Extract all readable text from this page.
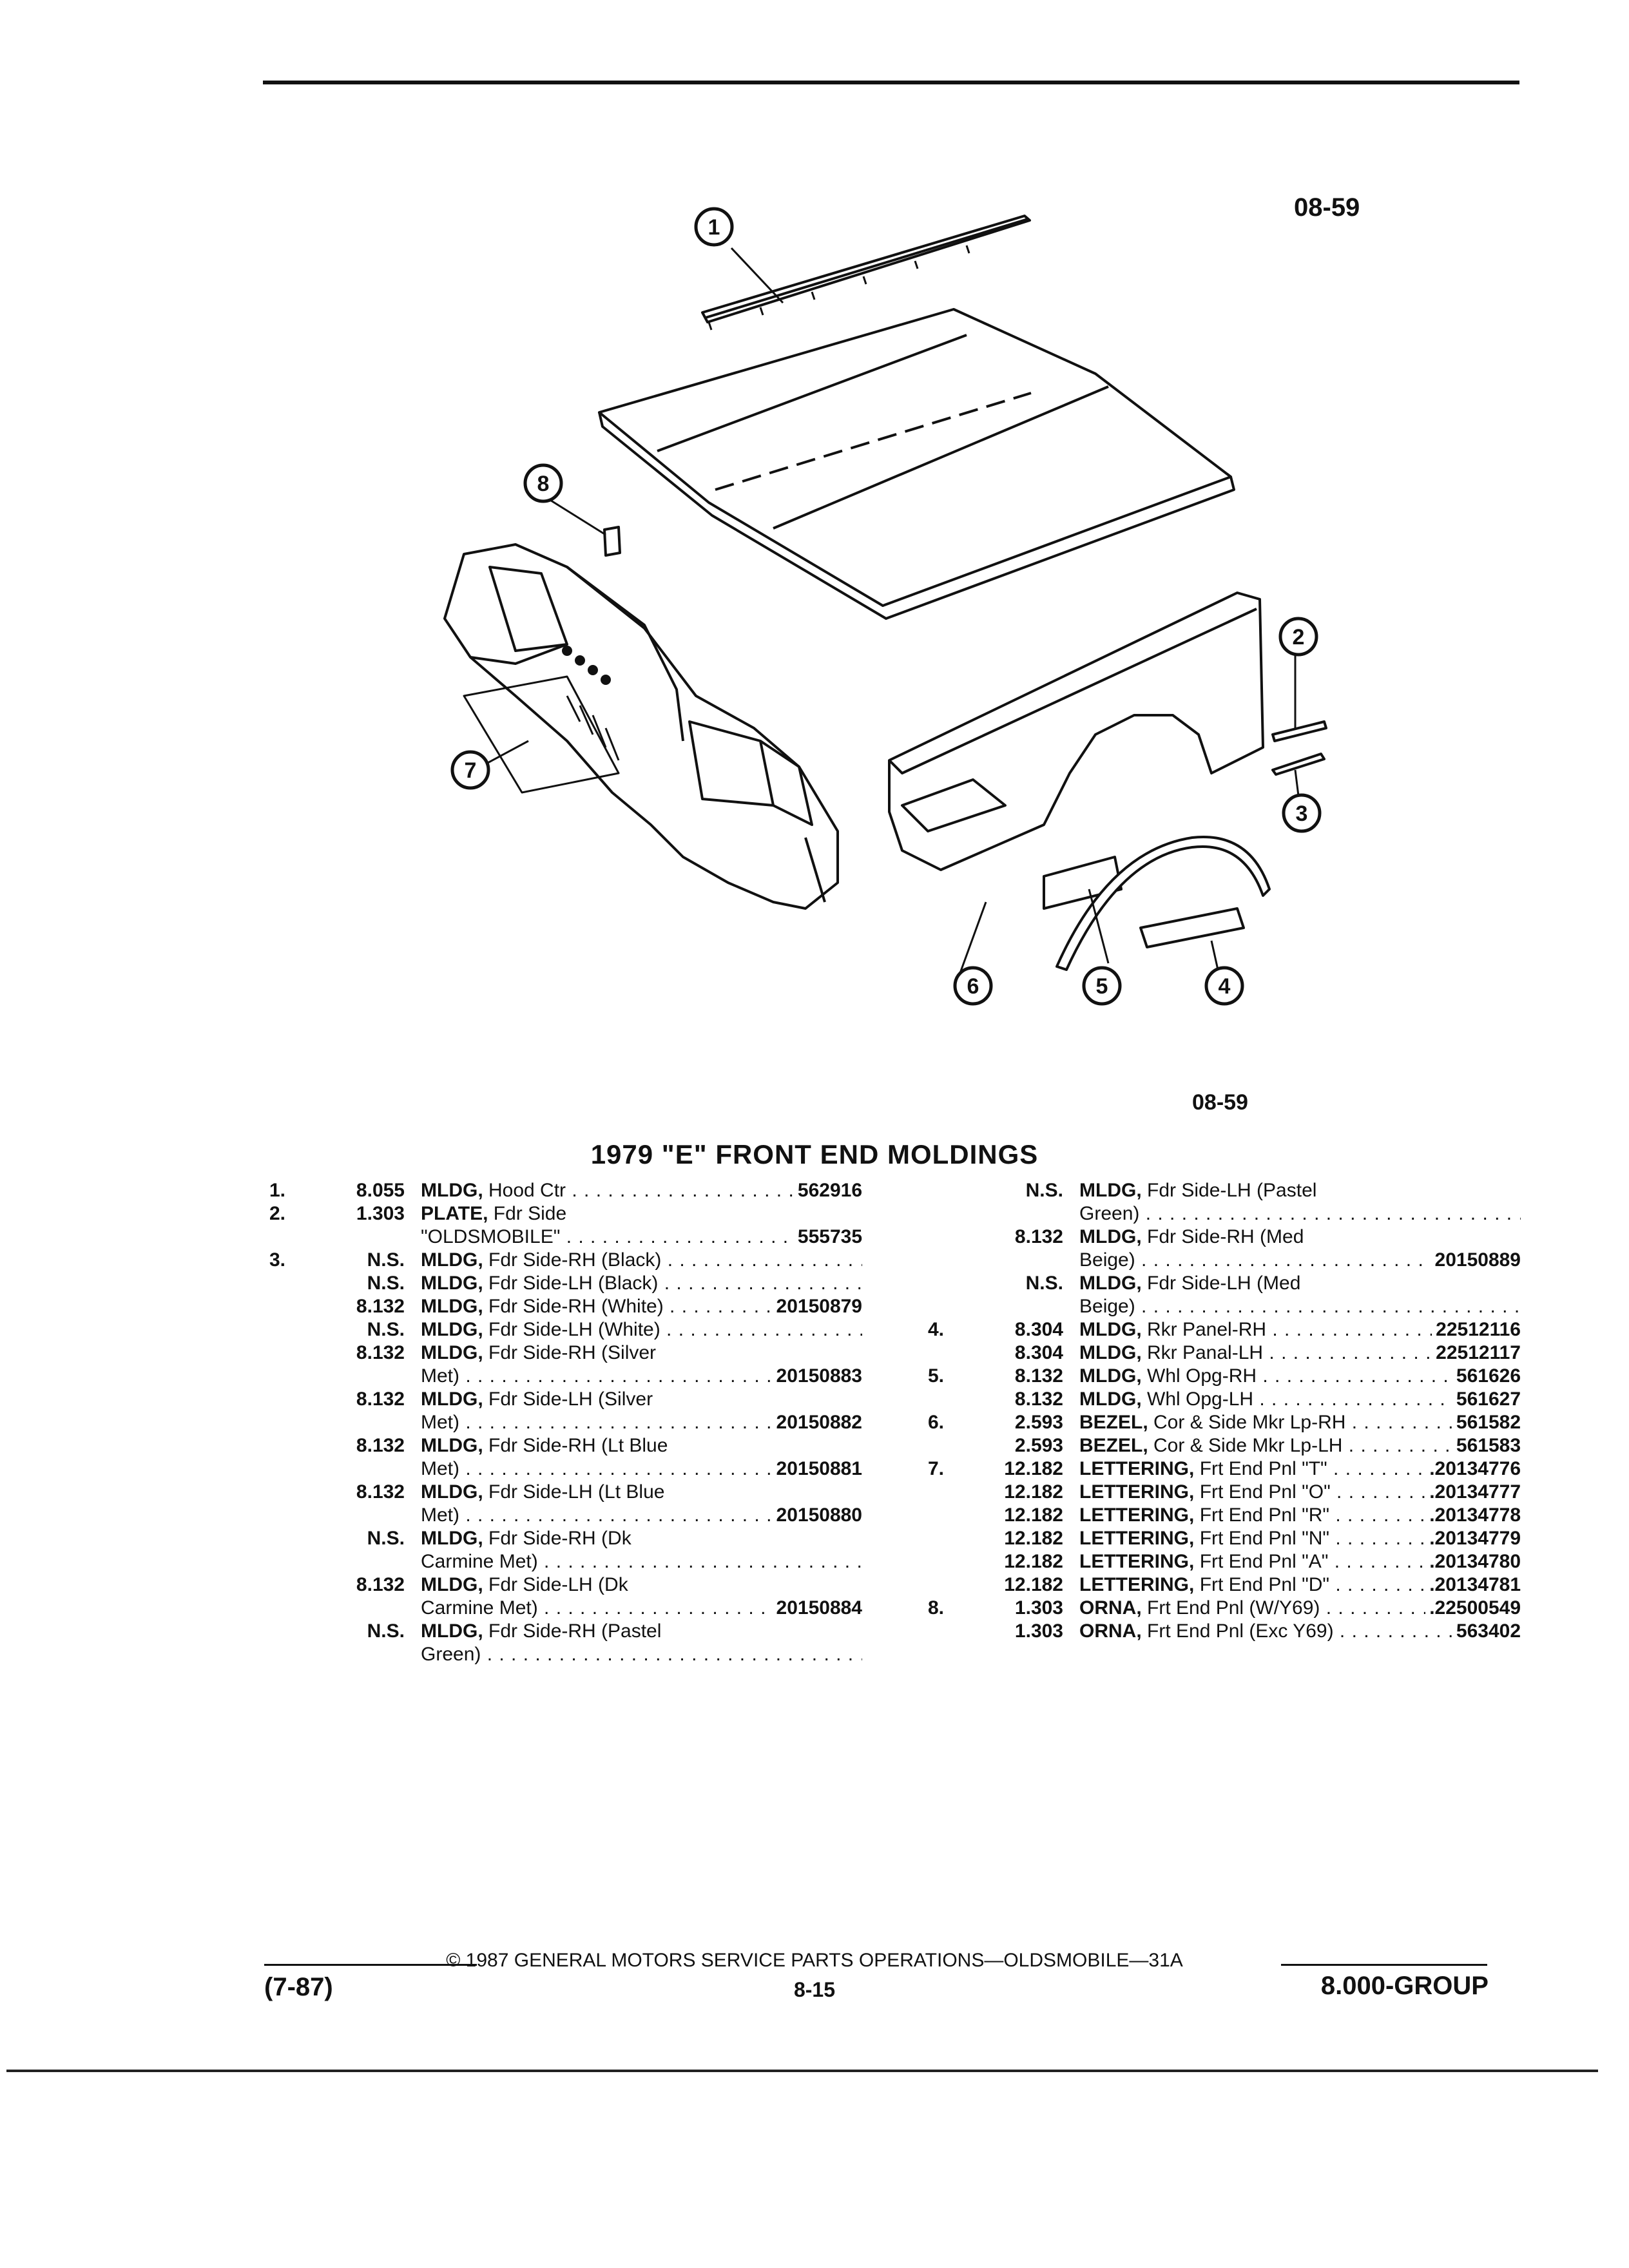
08-59
1
2
3
4
5
6
7
8
08-59
1979 "E" FRONT END MOLDINGS
1.	8.055 MLDG, Hood Ctr . . .	562916
2.	1.303 PLATE, Fdr Side
"OLDSMOBILE" . . .	555735
3.	N.S. MLDG, Fdr Side-RH (Black) . . .
N.S. MLDG, Fdr Side-LH (Black) . . .
8.132 MLDG, Fdr Side-RH (White) . . .	20150879
N.S. MLDG, Fdr Side-LH (White) . . .
8.132 MLDG, Fdr Side-RH (Silver
Met) . . .	20150883
8.132 MLDG, Fdr Side-LH (Silver
Met) . . .	20150882
8.132 MLDG, Fdr Side-RH (Lt Blue
Met) . . .	20150881
8.132 MLDG, Fdr Side-LH (Lt Blue
Met) . . .	20150880
N.S. MLDG, Fdr Side-RH (Dk
Carmine Met) . . .
8.132 MLDG, Fdr Side-LH (Dk
Carmine Met) . . .	20150884
N.S. MLDG, Fdr Side-RH (Pastel
Green) . . .
N.S. MLDG, Fdr Side-LH (Pastel
Green) . . .
8.132 MLDG, Fdr Side-RH (Med
Beige) . . .	20150889
N.S. MLDG, Fdr Side-LH (Med
Beige) . . .
4.	8.304 MLDG, Rkr Panel-RH . . .	22512116
8.304 MLDG, Rkr Panal-LH . . .	22512117
5.	8.132 MLDG, Whl Opg-RH . . .	561626
8.132 MLDG, Whl Opg-LH . . .	561627
6.	2.593 BEZEL, Cor & Side Mkr Lp-RH . . .	561582
2.593 BEZEL, Cor & Side Mkr Lp-LH . . .	561583
7.	12.182 LETTERING, Frt End Pnl "T" . . .	.20134776
12.182 LETTERING, Frt End Pnl "O" . . .	.20134777
12.182 LETTERING, Frt End Pnl "R" . . .	.20134778
12.182 LETTERING, Frt End Pnl "N" . . .	.20134779
12.182 LETTERING, Frt End Pnl "A" . . .	.20134780
12.182 LETTERING, Frt End Pnl "D" . . .	.20134781
8.	1.303 ORNA, Frt End Pnl (W/Y69) . . .	.22500549
1.303 ORNA, Frt End Pnl (Exc Y69) . . .	563402
© 1987 GENERAL MOTORS SERVICE PARTS OPERATIONS—OLDSMOBILE—31A
8-15
(7-87)	8.000-GROUP
